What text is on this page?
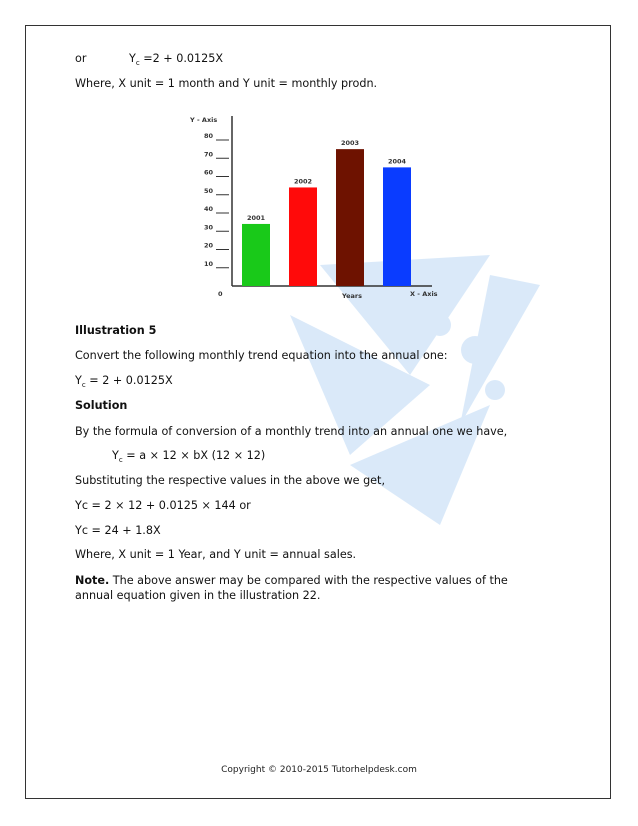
or	$Y_c =2 + 0.0125X$
Where, X unit = 1 month and Y unit = monthly prodn.
Y - Axis
0
10
20
30
40
50
60
70
80
2001
2002
2003
2004
Years	X - Axis
Illustration 5
Convert the following monthly trend equation into the annual one:
$Y_c = 2 + 0.0125X$
Solution
By the formula of conversion of a monthly trend into an annual one we have,
$Y_c = a \times 12$ × bX (12 × 12)
Substituting the respective values in the above we get,
Yc = 2 × 12 + 0.0125 × 144 or
Yc = 24 + 1.8X
Where, X unit = 1 Year, and Y unit = annual sales.
Note. The above answer may be compared with the respective values of the annual equation given in the illustration 22.
Copyright © 2010-2015 Tutorhelpdesk.com
